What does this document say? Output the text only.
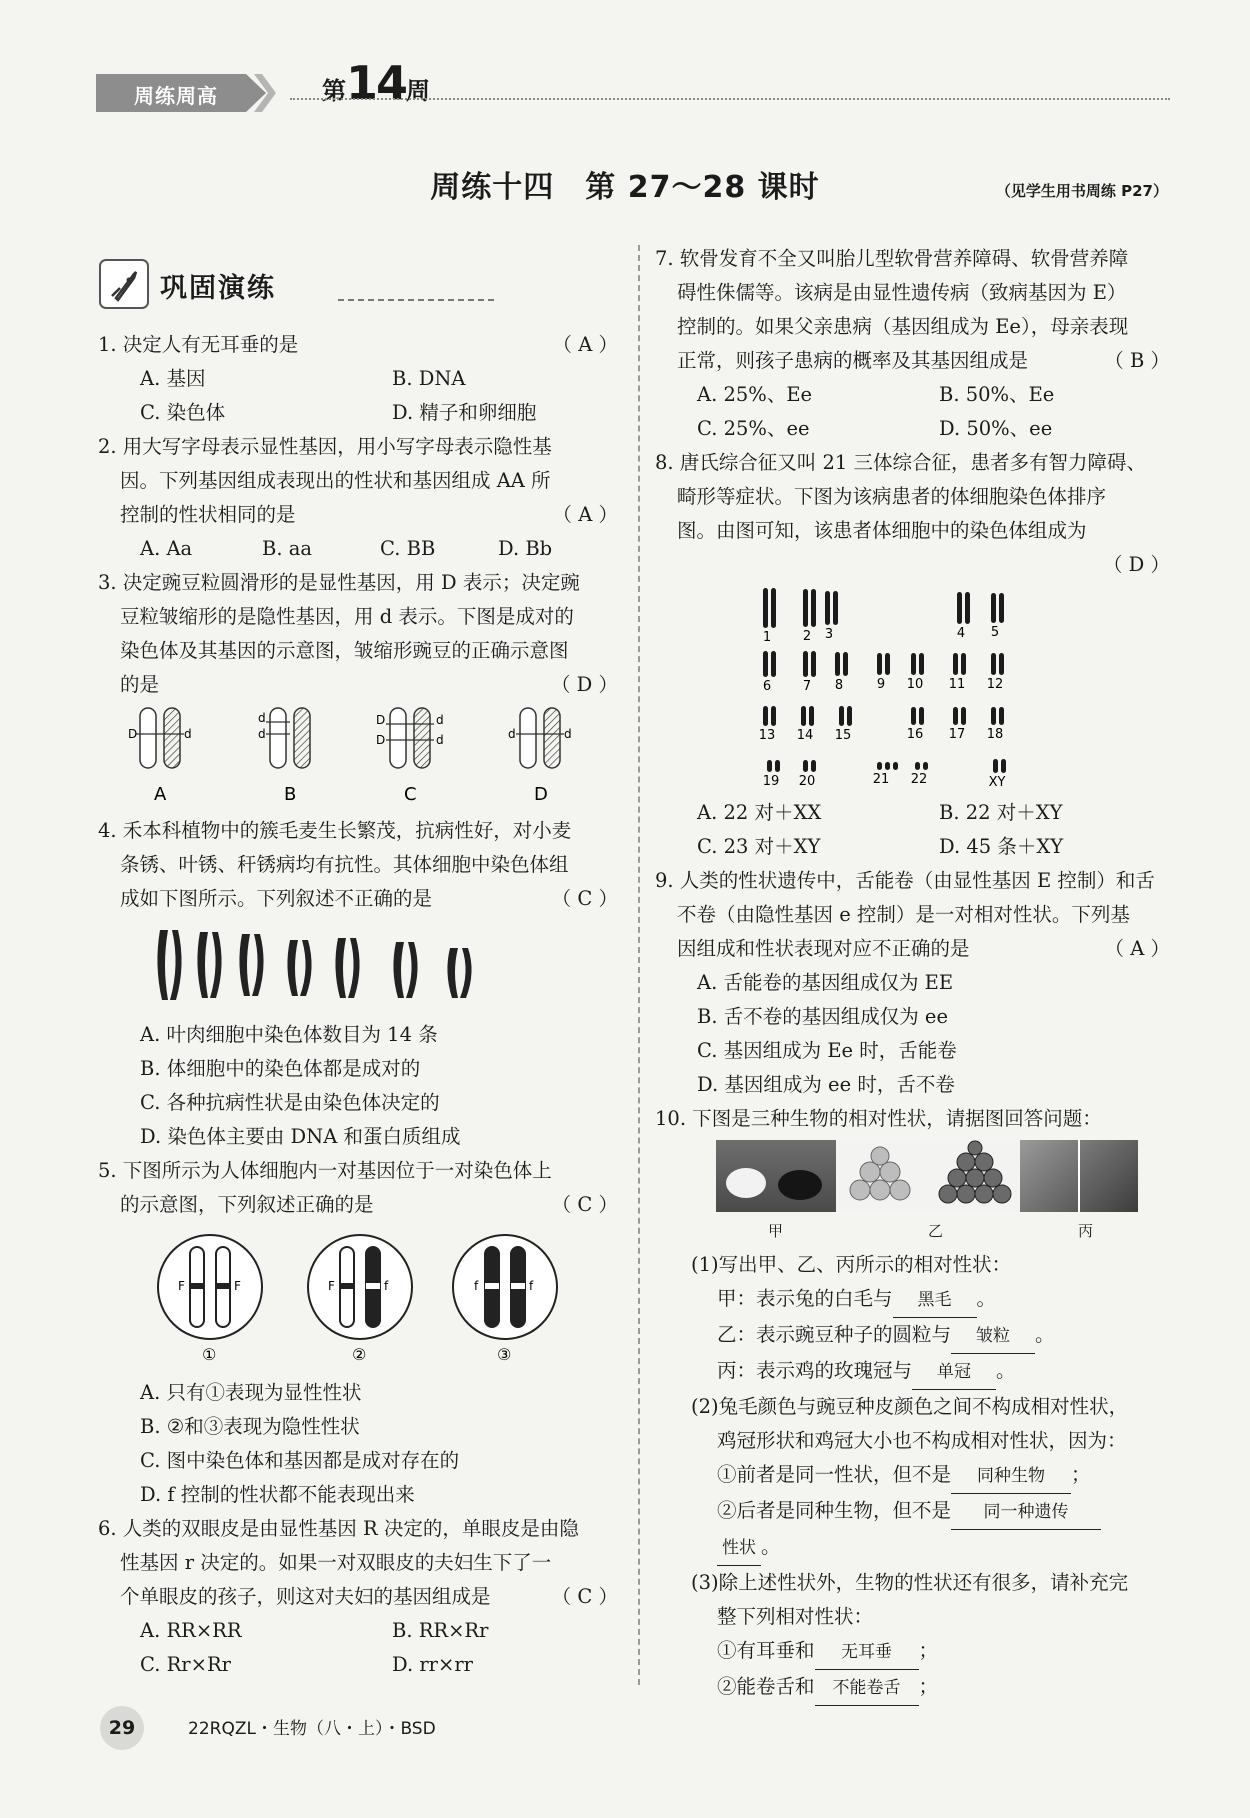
周练周高	第14周
周练十四　第 27～28 课时	（见学生用书周练 P27）
巩固演练
1. 决定人有无耳垂的是	（ A ）
A. 基因	B. DNA
C. 染色体	D. 精子和卵细胞
2. 用大写字母表示显性基因，用小写字母表示隐性基
因。下列基因组成表现出的性状和基因组成 AA 所
控制的性状相同的是	（ A ）
A. Aa	B. aa	C. BB	D. Bb
3. 决定豌豆粒圆滑形的是显性基因，用 D 表示；决定豌
豆粒皱缩形的是隐性基因，用 d 表示。下图是成对的
染色体及其基因的示意图，皱缩形豌豆的正确示意图
的是	（ D ）
D	d
d
d
D
D
d
d	d	d
A	B	C	D
4. 禾本科植物中的簇毛麦生长繁茂，抗病性好，对小麦
条锈、叶锈、秆锈病均有抗性。其体细胞中染色体组
成如下图所示。下列叙述不正确的是	（ C ）
A. 叶肉细胞中染色体数目为 14 条
B. 体细胞中的染色体都是成对的
C. 各种抗病性状是由染色体决定的
D. 染色体主要由 DNA 和蛋白质组成
5. 下图所示为人体细胞内一对基因位于一对染色体上
的示意图，下列叙述正确的是	（ C ）
F	F
①
F	f
②
f	f
③
A. 只有①表现为显性性状
B. ②和③表现为隐性性状
C. 图中染色体和基因都是成对存在的
D. f 控制的性状都不能表现出来
6. 人类的双眼皮是由显性基因 R 决定的，单眼皮是由隐
性基因 r 决定的。如果一对双眼皮的夫妇生下了一
个单眼皮的孩子，则这对夫妇的基因组成是	（ C ）
A. RR×RR	B. RR×Rr
C. Rr×Rr	D. rr×rr
7. 软骨发育不全又叫胎儿型软骨营养障碍、软骨营养障
碍性侏儒等。该病是由显性遗传病（致病基因为 E）
控制的。如果父亲患病（基因组成为 Ee），母亲表现
正常，则孩子患病的概率及其基因组成是	（ B ）
A. 25%、Ee	B. 50%、Ee
C. 25%、ee	D. 50%、ee
8. 唐氏综合征又叫 21 三体综合征，患者多有智力障碍、
畸形等症状。下图为该病患者的体细胞染色体排序
图。由图可知，该患者体细胞中的染色体组成为
（ D ）

1 2 3	4 5
6 7 8	9 10 11 12
13 14 15	16 17 18
19 20	21 22	XY
A. 22 对＋XX	B. 22 对＋XY
C. 23 对＋XY	D. 45 条＋XY
9. 人类的性状遗传中，舌能卷（由显性基因 E 控制）和舌
不卷（由隐性基因 e 控制）是一对相对性状。下列基
因组成和性状表现对应不正确的是	（ A ）
A. 舌能卷的基因组成仅为 EE
B. 舌不卷的基因组成仅为 ee
C. 基因组成为 Ee 时，舌能卷
D. 基因组成为 ee 时，舌不卷
10. 下图是三种生物的相对性状，请据图回答问题：
甲	乙	丙
(1)写出甲、乙、丙所示的相对性状：
甲：表示兔的白毛与 黑毛 。
乙：表示豌豆种子的圆粒与 皱粒 。
丙：表示鸡的玫瑰冠与 单冠 。
(2)兔毛颜色与豌豆种皮颜色之间不构成相对性状，
鸡冠形状和鸡冠大小也不构成相对性状，因为：
①前者是同一性状，但不是 同种生物 ；
②后者是同种生物，但不是 同一种遗传
性状 。
(3)除上述性状外，生物的性状还有很多，请补充完
整下列相对性状：
①有耳垂和 无耳垂 ；
②能卷舌和 不能卷舌 ；
29	22RQZL・生物（八・上）・BSD
